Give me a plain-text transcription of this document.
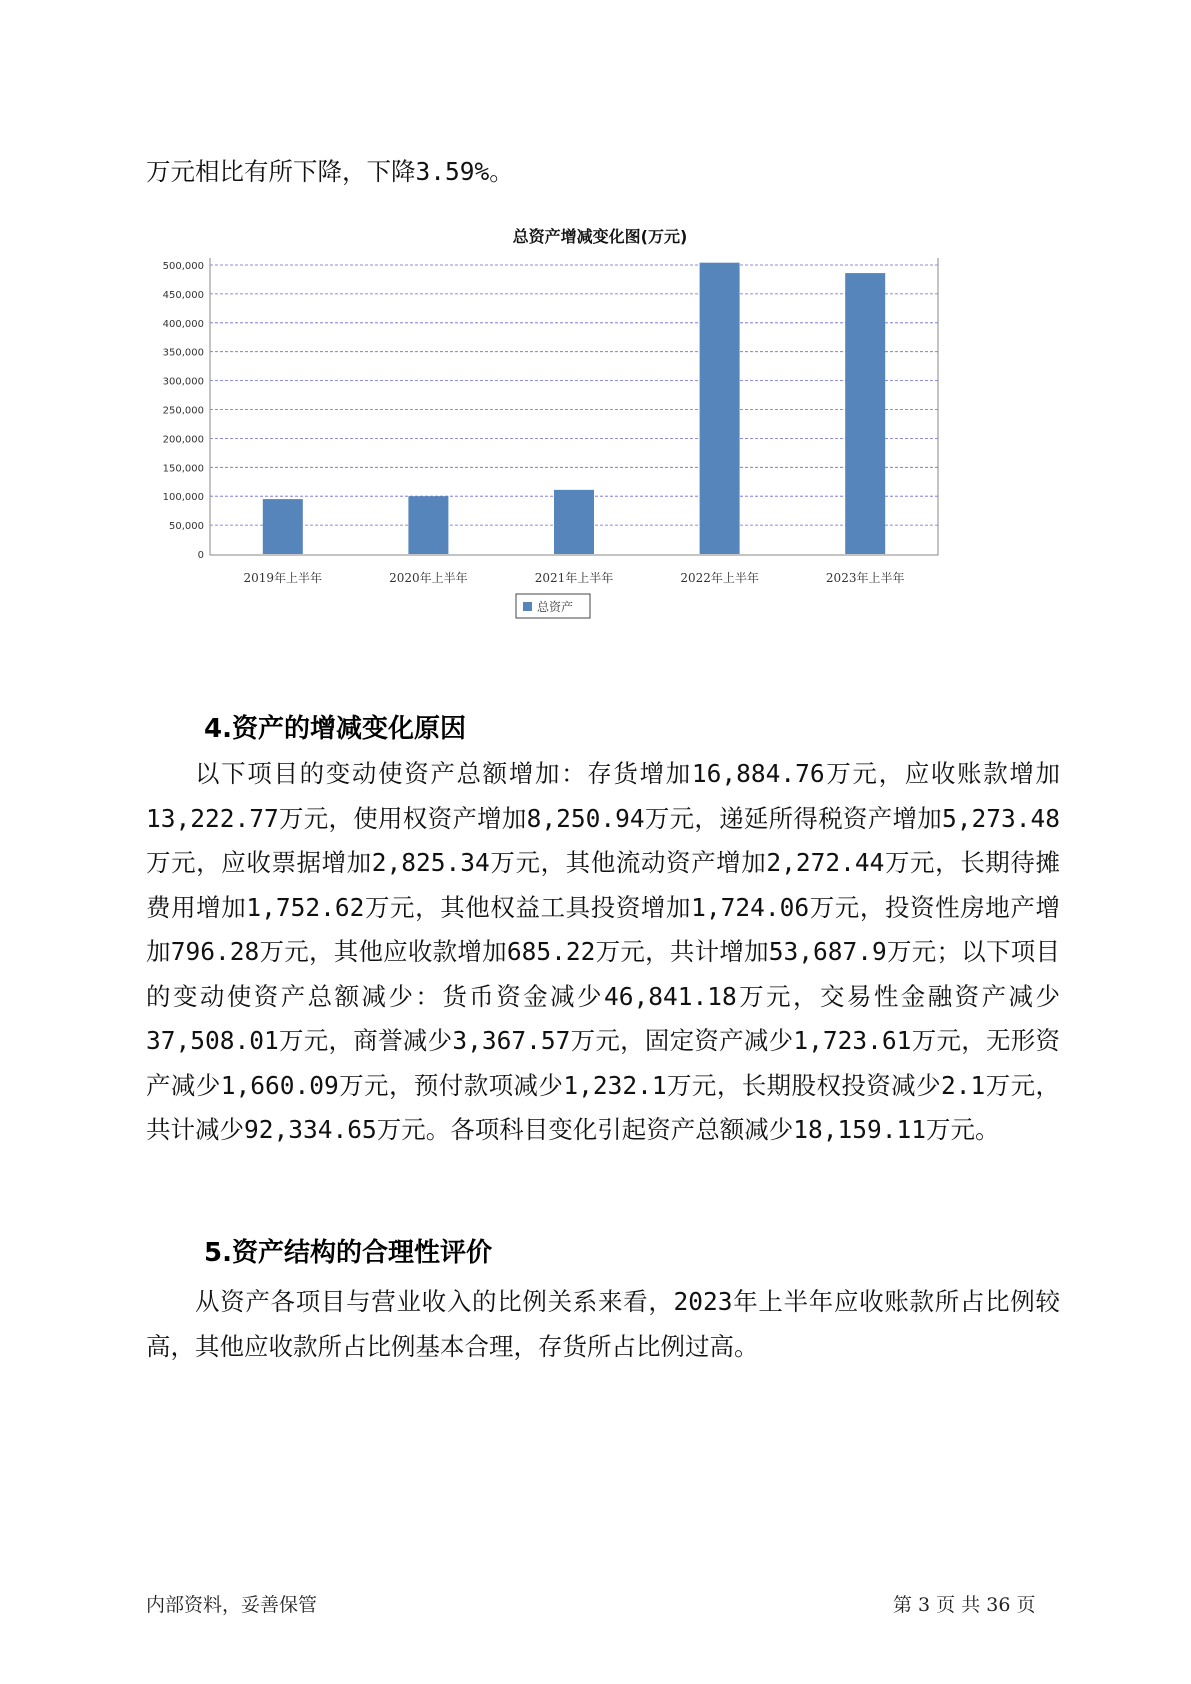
万元相比有所下降，下降3.59%。

总资产增减变化图(万元)
0
50,000
100,000
150,000
200,000
250,000
300,000
350,000
400,000
450,000
500,000
2019年上半年	2020年上半年	2021年上半年	2022年上半年	2023年上半年
总资产
4.资产的增减变化原因

以下项目的变动使资产总额增加：存货增加16,884.76万元，应收账款增加13,222.77万元，使用权资产增加8,250.94万元，递延所得税资产增加5,273.48万元，应收票据增加2,825.34万元，其他流动资产增加2,272.44万元，长期待摊费用增加1,752.62万元，其他权益工具投资增加1,724.06万元，投资性房地产增加796.28万元，其他应收款增加685.22万元，共计增加53,687.9万元；以下项目的变动使资产总额减少：货币资金减少46,841.18万元，交易性金融资产减少37,508.01万元，商誉减少3,367.57万元，固定资产减少1,723.61万元，无形资产减少1,660.09万元，预付款项减少1,232.1万元，长期股权投资减少2.1万元，共计减少92,334.65万元。各项科目变化引起资产总额减少18,159.11万元。

5.资产结构的合理性评价

从资产各项目与营业收入的比例关系来看，2023年上半年应收账款所占比例较高，其他应收款所占比例基本合理，存货所占比例过高。

内部资料，妥善保管	第 3 页 共 36 页
